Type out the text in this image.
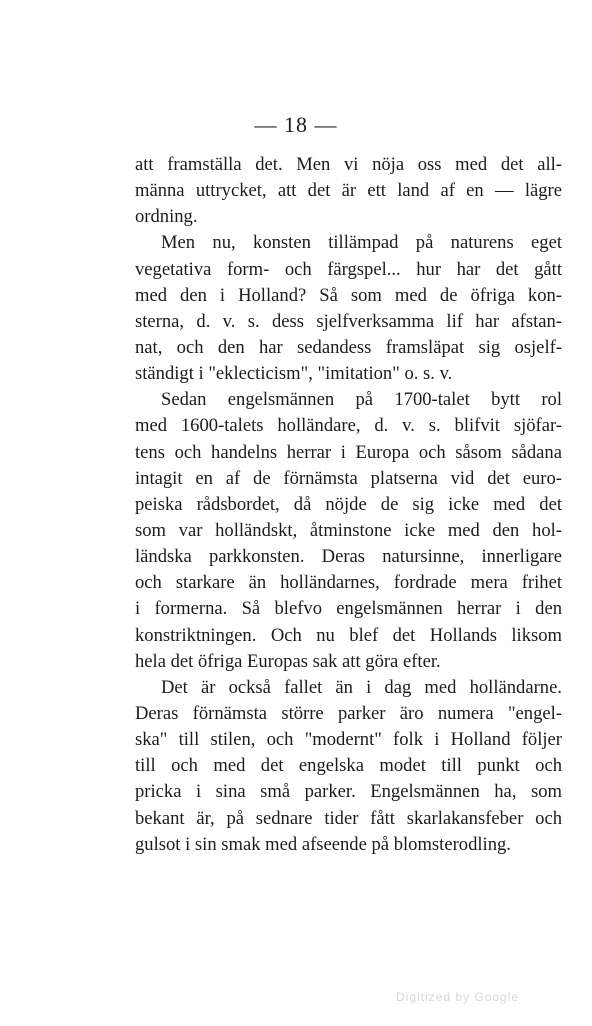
— 18 —
att framställa det. Men vi nöja oss med det all-
männa uttrycket, att det är ett land af en — lägre
ordning.
Men nu, konsten tillämpad på naturens eget
vegetativa form- och färgspel... hur har det gått
med den i Holland? Så som med de öfriga kon-
sterna, d. v. s. dess sjelfverksamma lif har afstan-
nat, och den har sedandess framsläpat sig osjelf-
ständigt i "eklecticism", "imitation" o. s. v.
Sedan engelsmännen på 1700-talet bytt rol
med 1600-talets holländare, d. v. s. blifvit sjöfar-
tens och handelns herrar i Europa och såsom sådana
intagit en af de förnämsta platserna vid det euro-
peiska rådsbordet, då nöjde de sig icke med det
som var holländskt, åtminstone icke med den hol-
ländska parkkonsten. Deras natursinne, innerligare
och starkare än holländarnes, fordrade mera frihet
i formerna. Så blefvo engelsmännen herrar i den
konstriktningen. Och nu blef det Hollands liksom
hela det öfriga Europas sak att göra efter.
Det är också fallet än i dag med holländarne.
Deras förnämsta större parker äro numera "engel-
ska" till stilen, och "modernt" folk i Holland följer
till och med det engelska modet till punkt och
pricka i sina små parker. Engelsmännen ha, som
bekant är, på sednare tider fått skarlakansfeber och
gulsot i sin smak med afseende på blomsterodling.
Digitized by Google
